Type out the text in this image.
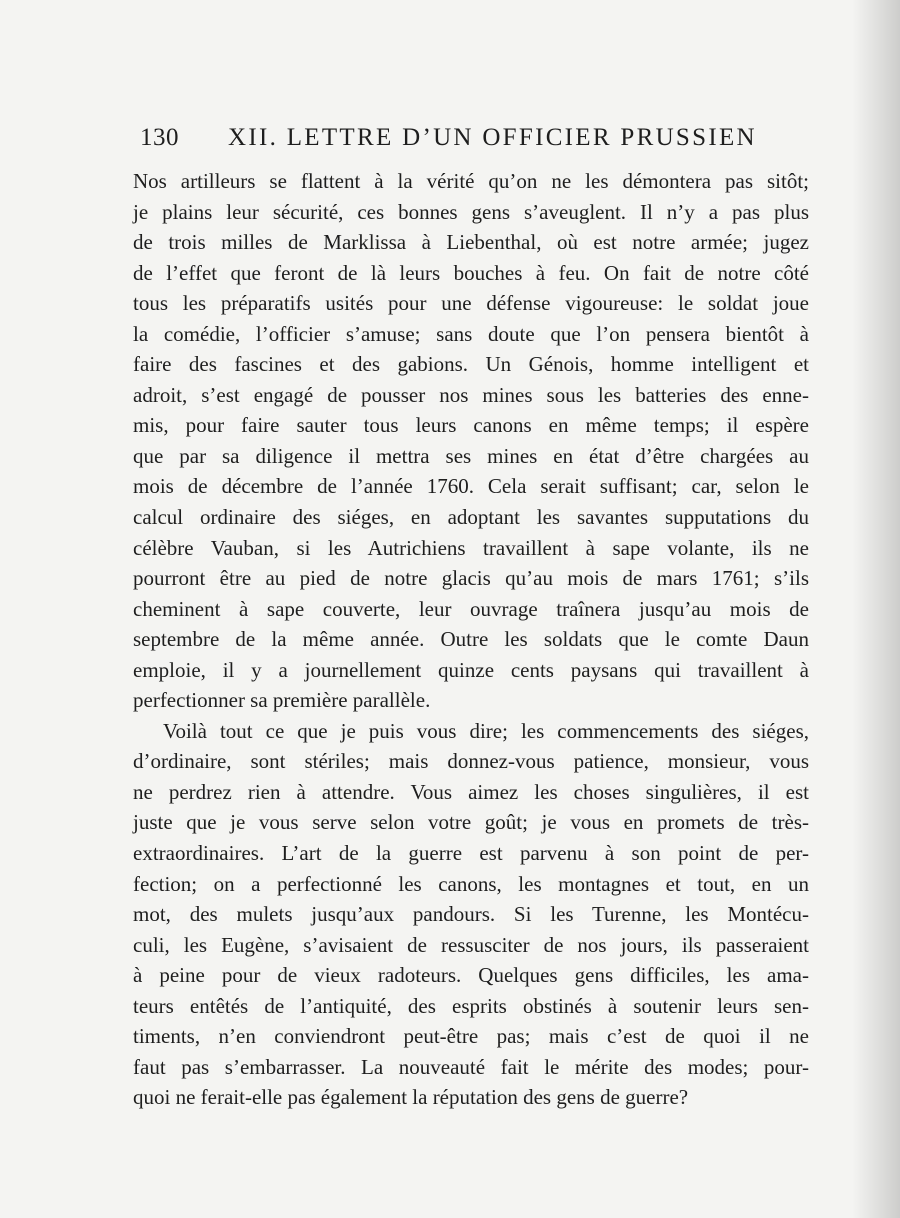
130 XII. LETTRE D’UN OFFICIER PRUSSIEN
Nos artilleurs se flattent à la vérité qu’on ne les démontera pas sitôt;
je plains leur sécurité, ces bonnes gens s’aveuglent. Il n’y a pas plus
de trois milles de Marklissa à Liebenthal, où est notre armée; jugez
de l’effet que feront de là leurs bouches à feu. On fait de notre côté
tous les préparatifs usités pour une défense vigoureuse: le soldat joue
la comédie, l’officier s’amuse; sans doute que l’on pensera bientôt à
faire des fascines et des gabions. Un Génois, homme intelligent et
adroit, s’est engagé de pousser nos mines sous les batteries des enne-
mis, pour faire sauter tous leurs canons en même temps; il espère
que par sa diligence il mettra ses mines en état d’être chargées au
mois de décembre de l’année 1760. Cela serait suffisant; car, selon le
calcul ordinaire des siéges, en adoptant les savantes supputations du
célèbre Vauban, si les Autrichiens travaillent à sape volante, ils ne
pourront être au pied de notre glacis qu’au mois de mars 1761; s’ils
cheminent à sape couverte, leur ouvrage traînera jusqu’au mois de
septembre de la même année. Outre les soldats que le comte Daun
emploie, il y a journellement quinze cents paysans qui travaillent à
perfectionner sa première parallèle.
Voilà tout ce que je puis vous dire; les commencements des siéges,
d’ordinaire, sont stériles; mais donnez-vous patience, monsieur, vous
ne perdrez rien à attendre. Vous aimez les choses singulières, il est
juste que je vous serve selon votre goût; je vous en promets de très-
extraordinaires. L’art de la guerre est parvenu à son point de per-
fection; on a perfectionné les canons, les montagnes et tout, en un
mot, des mulets jusqu’aux pandours. Si les Turenne, les Montécu-
culi, les Eugène, s’avisaient de ressusciter de nos jours, ils passeraient
à peine pour de vieux radoteurs. Quelques gens difficiles, les ama-
teurs entêtés de l’antiquité, des esprits obstinés à soutenir leurs sen-
timents, n’en conviendront peut-être pas; mais c’est de quoi il ne
faut pas s’embarrasser. La nouveauté fait le mérite des modes; pour-
quoi ne ferait-elle pas également la réputation des gens de guerre?
